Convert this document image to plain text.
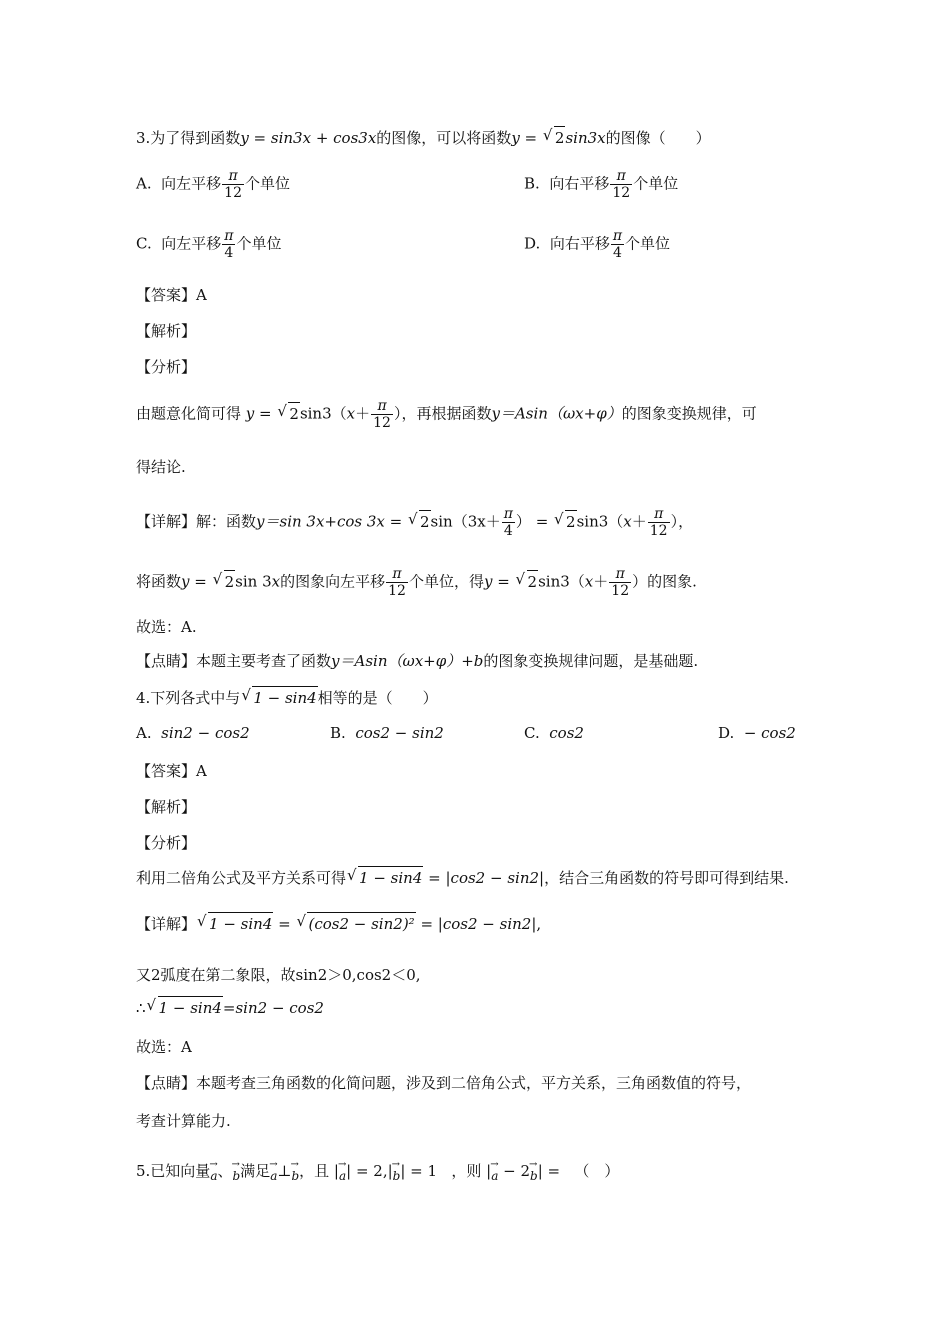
3.为了得到函数y = sin3x + cos3x的图像，可以将函数y = √ 2sin3x的图像（　　）
A. 向左平移 $\frac{\pi}{12}$ 个单位	B. 向右平移 $\frac{\pi}{12}$ 个单位
C. 向左平移 $\frac{\pi}{4}$ 个单位	D. 向右平移 $\frac{\pi}{4}$ 个单位
【答案】A
【解析】
【分析】
由题意化简可得 y = √ $2\sin 3(x+ \frac{\pi}{12}$ ），再根据函数y＝Asin（ωx+φ）的图象变换规律，可
得结论.
【详解】解：函数y＝sin 3x+cos 3x = √ $2\sin(3x+ \frac{\pi}{4}$ ） = √ $2\sin 3(x+ \frac{\pi}{12}$ ），
将函数y = √ 2sin 3x的图象向左平移 $\frac{\pi}{12}$ 个单位，得y = √ $2\sin 3(x+ \frac{\pi}{12}$ ）的图象.
故选：A.
【点睛】本题主要考查了函数y＝Asin（ωx+φ）+b的图象变换规律问题，是基础题.
4.下列各式中与 √ 1 − sin4相等的是（　　）
A. sin2 − cos2	B. cos2 − sin2	C. cos2	D. − cos2
【答案】A
【解析】
【分析】
利用二倍角公式及平方关系可得 √ 1 − sin4 = |cos2 − sin2|，结合三角函数的符号即可得到结果.
【详解】 √ 1 − sin4 = √ (cos2 − sin2)² = |cos2 − sin2|,
又2弧度在第二象限，故sin2＞0,cos2＜0,
∴ √ 1 − sin4=sin2 − cos2
故选：A
【点睛】本题考查三角函数的化简问题，涉及到二倍角公式，平方关系，三角函数值的符号，
考查计算能力.
5.已知向量→ a、→ b满足→ a⊥→ b，且 |→ a| = 2,|→ b| = 1 ，则 |→ a − 2→ b| = （　）
